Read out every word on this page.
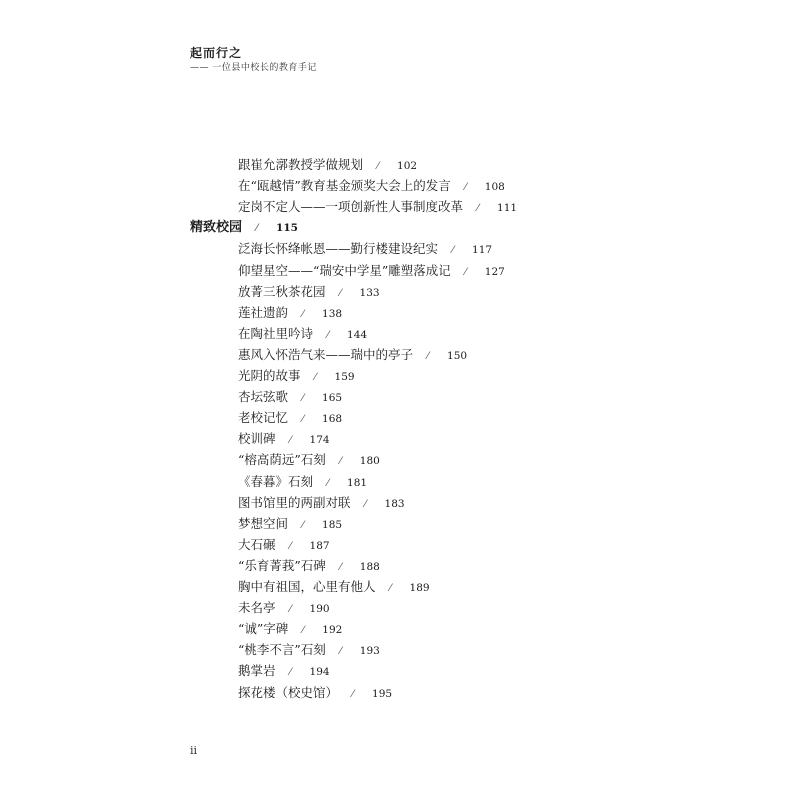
起而行之
—— 一位县中校长的教育手记
跟崔允漷教授学做规划 ⁄ 102
在“瓯越情”教育基金颁奖大会上的发言 ⁄ 108
定岗不定人——一项创新性人事制度改革 ⁄ 111
精致校园 ⁄ 115
泛海长怀绛帐恩——勤行楼建设纪实 ⁄ 117
仰望星空——“瑞安中学星”雕塑落成记 ⁄ 127
放菁三秋茶花园 ⁄ 133
莲社遗韵 ⁄ 138
在陶社里吟诗 ⁄ 144
惠风入怀浩气来——瑞中的亭子 ⁄ 150
光阴的故事 ⁄ 159
杏坛弦歌 ⁄ 165
老校记忆 ⁄ 168
校训碑 ⁄ 174
“榕高荫远”石刻 ⁄ 180
《春暮》石刻 ⁄ 181
图书馆里的两副对联 ⁄ 183
梦想空间 ⁄ 185
大石碾 ⁄ 187
“乐育菁莪”石碑 ⁄ 188
胸中有祖国，心里有他人 ⁄ 189
未名亭 ⁄ 190
“诚”字碑 ⁄ 192
“桃李不言”石刻 ⁄ 193
鹅掌岩 ⁄ 194
探花楼（校史馆） ⁄ 195
ii
